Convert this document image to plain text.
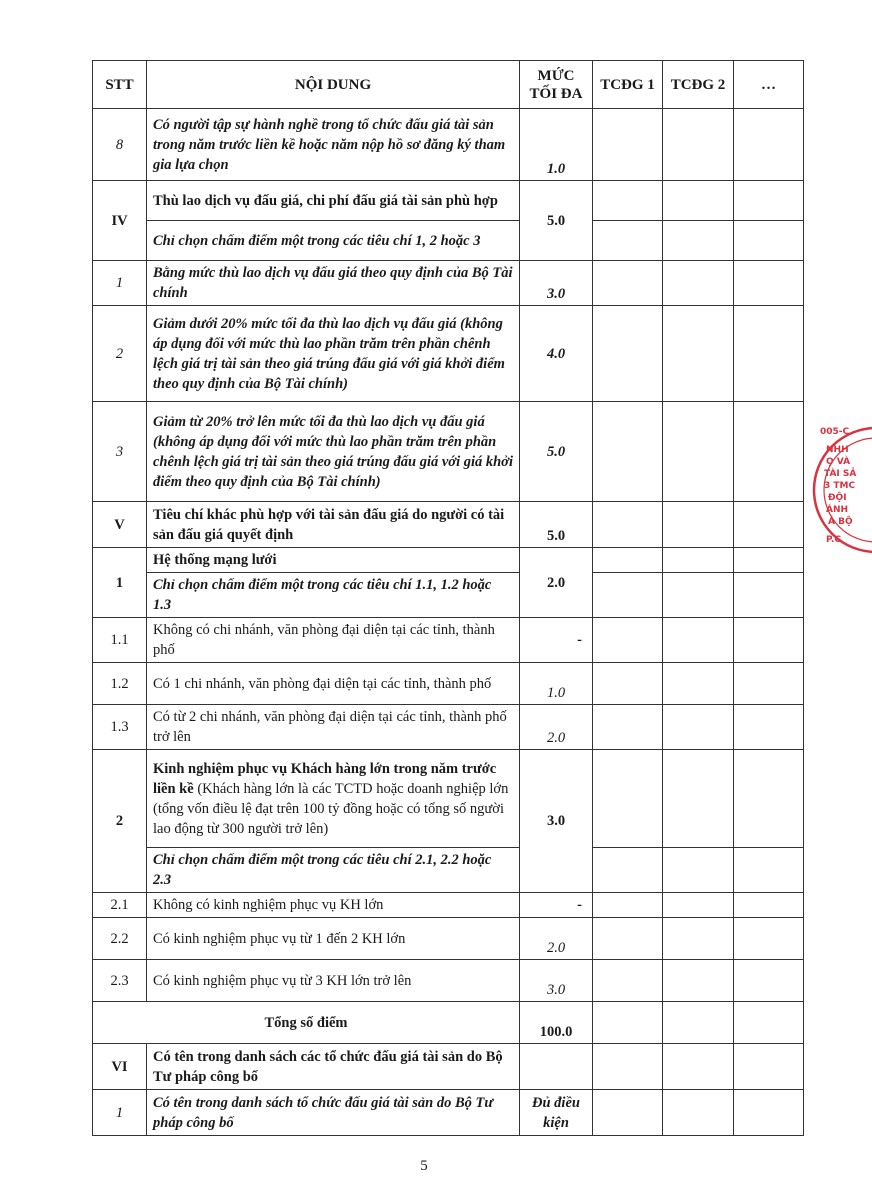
STT	NỘI DUNG	MỨC TỐI ĐA	TCĐG 1	TCĐG 2	…
8	Có người tập sự hành nghề trong tổ chức đấu giá tài sản trong năm trước liền kề hoặc năm nộp hồ sơ đăng ký tham gia lựa chọn	1.0			
IV	Thù lao dịch vụ đấu giá, chi phí đấu giá tài sản phù hợp	5.0			
	Chỉ chọn chấm điểm một trong các tiêu chí 1, 2 hoặc 3				
1	Bằng mức thù lao dịch vụ đấu giá theo quy định của Bộ Tài chính	3.0			
2	Giảm dưới 20% mức tối đa thù lao dịch vụ đấu giá (không áp dụng đối với mức thù lao phần trăm trên phần chênh lệch giá trị tài sản theo giá trúng đấu giá với giá khởi điểm theo quy định của Bộ Tài chính)	4.0			
3	Giảm từ 20% trở lên mức tối đa thù lao dịch vụ đấu giá (không áp dụng đối với mức thù lao phần trăm trên phần chênh lệch giá trị tài sản theo giá trúng đấu giá với giá khởi điểm theo quy định của Bộ Tài chính)	5.0			
V	Tiêu chí khác phù hợp với tài sản đấu giá do người có tài sản đấu giá quyết định	5.0			
1	Hệ thống mạng lưới	2.0			
	Chỉ chọn chấm điểm một trong các tiêu chí 1.1, 1.2 hoặc 1.3				
1.1	Không có chi nhánh, văn phòng đại diện tại các tỉnh, thành phố	-			
1.2	Có 1 chi nhánh, văn phòng đại diện tại các tỉnh, thành phố	1.0			
1.3	Có từ 2 chi nhánh, văn phòng đại diện tại các tỉnh, thành phố trở lên	2.0			
2	Kinh nghiệm phục vụ Khách hàng lớn trong năm trước liền kề (Khách hàng lớn là các TCTD hoặc doanh nghiệp lớn (tổng vốn điều lệ đạt trên 100 tỷ đồng hoặc có tổng số người lao động từ 300 người trở lên)	3.0			
	Chỉ chọn chấm điểm một trong các tiêu chí 2.1, 2.2 hoặc 2.3				
2.1	Không có kinh nghiệm phục vụ KH lớn	-			
2.2	Có kinh nghiệm phục vụ từ 1 đến 2 KH lớn	2.0			
2.3	Có kinh nghiệm phục vụ từ 3 KH lớn trở lên	3.0			
Tổng số điểm		100.0			
VI	Có tên trong danh sách các tổ chức đấu giá tài sản do Bộ Tư pháp công bố				
1	Có tên trong danh sách tổ chức đấu giá tài sản do Bộ Tư pháp công bố	Đủ điều kiện			
005-C
NHH
Ọ VÀ
TÀI SẢ
3 TMC
ĐỘI
ÁNH
Á BỘ
P.C
5
